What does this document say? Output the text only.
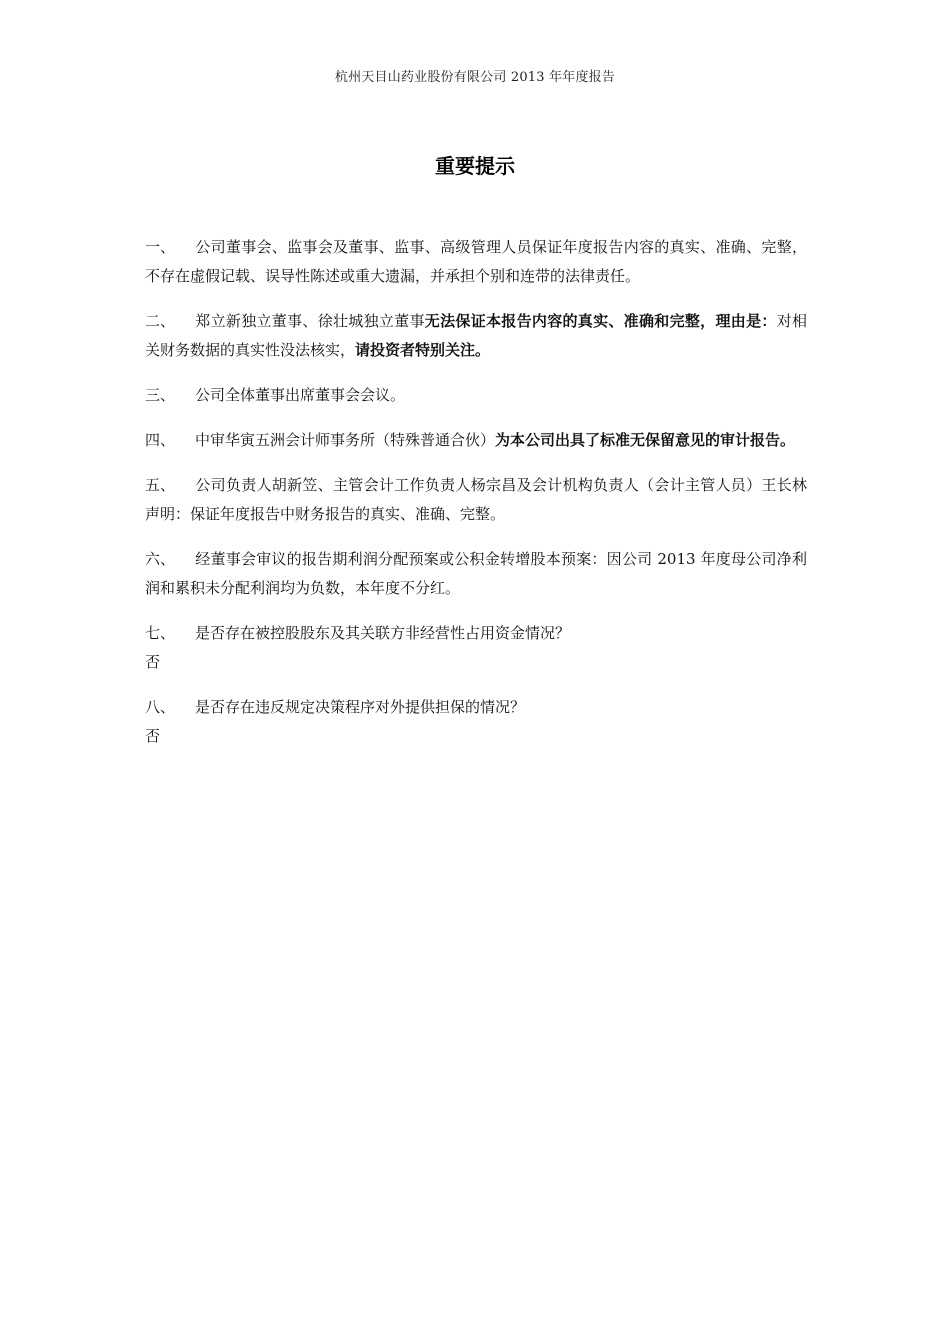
杭州天目山药业股份有限公司 2013 年年度报告
重要提示

一、 公司董事会、监事会及董事、监事、高级管理人员保证年度报告内容的真实、准确、完整，不存在虚假记载、误导性陈述或重大遗漏，并承担个别和连带的法律责任。

二、 郑立新独立董事、徐壮城独立董事无法保证本报告内容的真实、准确和完整，理由是：对相关财务数据的真实性没法核实，请投资者特别关注。

三、 公司全体董事出席董事会会议。

四、 中审华寅五洲会计师事务所（特殊普通合伙）为本公司出具了标准无保留意见的审计报告。

五、 公司负责人胡新笠、主管会计工作负责人杨宗昌及会计机构负责人（会计主管人员）王长林声明：保证年度报告中财务报告的真实、准确、完整。

六、 经董事会审议的报告期利润分配预案或公积金转增股本预案：因公司 2013 年度母公司净利润和累积未分配利润均为负数，本年度不分红。

七、 是否存在被控股股东及其关联方非经营性占用资金情况？
否

八、 是否存在违反规定决策程序对外提供担保的情况？
否
